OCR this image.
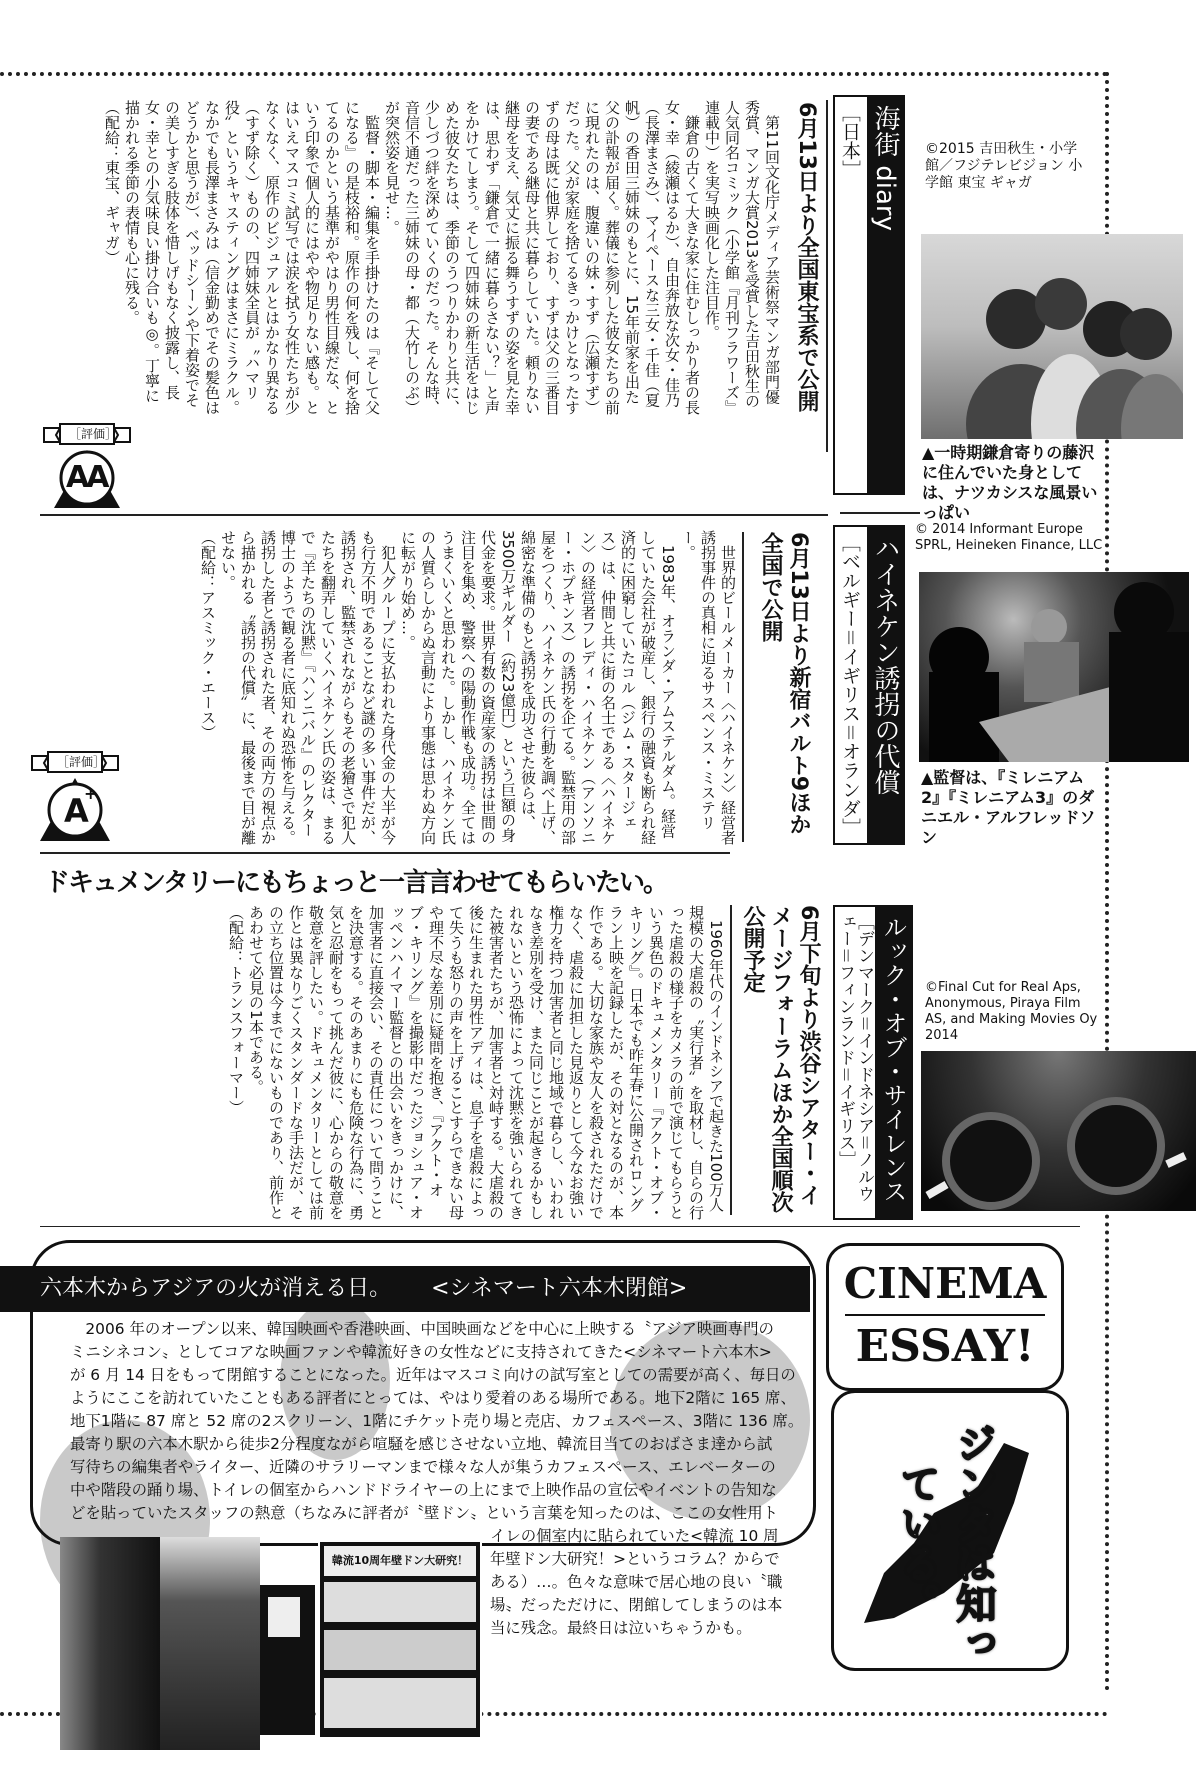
第11回文化庁メディア芸術祭マンガ部門優秀賞、マンガ大賞2013を受賞した吉田秋生の人気同名コミック（小学館『月刊フラワーズ』連載中）を実写映画化した注目作。

鎌倉の古くて大きな家に住むしっかり者の長女・幸（綾瀬はるか）、自由奔放な次女・佳乃（長澤まさみ）、マイペースな三女・千佳（夏帆）の香田三姉妹のもとに、15年前家を出た父の訃報が届く。葬儀に参列した彼女たちの前に現れたのは、腹違いの妹・すず（広瀬すず）だった。父が家庭を捨てるきっかけとなったすずの母は既に他界しており、すずは父の三番目の妻である継母と共に暮らしていた。頼りない継母を支え、気丈に振る舞うすずの姿を見た幸は、思わず「鎌倉で一緒に暮らさない？」と声をかけてしまう。そして四姉妹の新生活をはじめた彼女たちは、季節のうつりかわりと共に、少しづつ絆を深めていくのだった。そんな時、音信不通だった三姉妹の母・都（大竹しのぶ）が突然姿を見せ…。

監督・脚本・編集を手掛けたのは『そして父になる』の是枝裕和。原作の何を残し、何を捨てるのかという基準がやはり男性目線だな、という印象で個人的にはやや物足りない感も。とはいえマスコミ試写では涙を拭う女性たちが少なくなく、原作のビジュアルとはかなり異なる（すず除く）ものの、四姉妹全員が〝ハマリ役〟というキャスティングはまさにミラクル。なかでも長澤まさみは（信金勤めでその髪色はどうかと思うが）、ベッドシーンや下着姿でその美しすぎる肢体を惜しげもなく披露し、長女・幸との小気味良い掛け合いも◎。丁寧に描かれる季節の表情も心に残る。

（配給：東宝、ギャガ）	6月13日より全国東宝系で公開	［日本］ 海街 diary	©2015 吉田秋生・小学館／フジテレビジョン 小学館 東宝 ギャガ
▲一時期鎌倉寄りの藤沢に住んでいた身としては、ナツカシスな風景いっぱい
［評価］
AA

世界的ビールメーカー〈ハイネケン〉経営者誘拐事件の真相に迫るサスペンス・ミステリー。

1983年、オランダ・アムステルダム。経営していた会社が破産し、銀行の融資も断られ経済的に困窮していたコル（ジム・スタージェス）は、仲間と共に街の名士である〈ハイネケン〉の経営者フレディ・ハイネケン（アンソニー・ホプキンス）の誘拐を企てる。監禁用の部屋をつくり、ハイネケン氏の行動を調べ上げ、綿密な準備のもと誘拐を成功させた彼らは、3500万ギルダー（約23億円）という巨額の身代金を要求。世界有数の資産家の誘拐は世間の注目を集め、警察への陽動作戦も成功。全てはうまくいくと思われた。しかし、ハイネケン氏の人質らしからぬ言動により事態は思わぬ方向に転がり始め…。

犯人グループに支払われた身代金の大半が今も行方不明であることなど謎の多い事件だが、誘拐され、監禁されながらもその老獪さで犯人たちを翻弄していくハイネケン氏の姿は、まるで『羊たちの沈黙』『ハンニバル』のレクター博士のようで観る者に底知れぬ恐怖を与える。誘拐した者と誘拐された者、その両方の視点から描かれる〝誘拐の代償〟に、最後まで目が離せない。

（配給：アスミック・エース）	6月13日より新宿バルト9ほか
全国で公開	［ベルギー＝イギリス＝オランダ］ ハイネケン誘拐の代償
© 2014 Informant Europe SPRL, Heineken Finance, LLC
▲監督は、『ミレニアム2』『ミレニアム3』のダニエル・アルフレッドソン
［評価］
A
+
ドキュメンタリーにもちょっと一言言わせてもらいたい。

1960年代のインドネシアで起きた100万人規模の大虐殺の〝実行者〟を取材し、自らの行った虐殺の様子をカメラの前で演じてもらうという異色のドキュメンタリー『アクト・オブ・キリング』。日本でも昨年春に公開されロングラン上映を記録したが、その対となるのが、本作である。大切な家族や友人を殺されただけでなく、虐殺に加担した見返りとして今なお強い権力を持つ加害者と同じ地域で暮らし、いわれなき差別を受け、また同じことが起きるかもしれないという恐怖によって沈黙を強いられてきた被害者たちが、加害者と対峙する。大虐殺の後に生まれた男性アディは、息子を虐殺によって失うも怒りの声を上げることすらできない母や理不尽な差別に疑問を抱き、『アクト・オブ・キリング』を撮影中だったジョシュア・オッペンハイマー監督との出会いをきっかけに、加害者に直接会い、その責任について問うことを決意する。そのあまりにも危険な行為に、勇気と忍耐をもって挑んだ彼に、心からの敬意を敬意を評したい。ドキュメンタリーとしては前作とは異なりごくスタンダードな手法だが、その立ち位置は今までにないものであり、前作とあわせて必見の1本である。

（配給：トランスフォーマー）	6月下旬より渋谷シアター・イ
メージフォーラムほか全国順次
公開予定	［デンマーク＝インドネシア＝ノルウェー＝フィンランド＝イギリス］	ルック・オブ・サイレンス	©Final Cut for Real Aps, Anonymous, Piraya Film AS, and Making Movies Oy 2014
六本木からアジアの火が消える日。 <シネマート六本木閉館>
　2006 年のオープン以来、韓国映画や香港映画、中国映画などを中心に上映する〝アジア映画専門の
ミニシネコン〟としてコアな映画ファンや韓流好きの女性などに支持されてきた<シネマート六本木>
が 6 月 14 日をもって閉館することになった。近年はマスコミ向けの試写室としての需要が高く、毎日の
ようにここを訪れていたこともある評者にとっては、やはり愛着のある場所である。地下2階に 165 席、
地下1階に 87 席と 52 席の2スクリーン、1階にチケット売り場と売店、カフェスペース、3階に 136 席。
最寄り駅の六本木駅から徒歩2分程度ながら喧騒を感じさせない立地、韓流目当てのおばさま達から試
写待ちの編集者やライター、近隣のサラリーマンまで様々な人が集うカフェスペース、エレベーターの
中や階段の踊り場、トイレの個室からハンドドライヤーの上にまで上映作品の宣伝やイベントの告知な
どを貼っていたスタッフの熱意（ちなみに評者が〝壁ドン〟という言葉を知ったのは、ここの女性用ト
イレの個室内に貼られていた<韓流 10 周
年壁ドン大研究！>というコラム？からで
ある）…。色々な意味で居心地の良い〝職
場〟だっただけに、閉館してしまうのは本
当に残念。最終日は泣いちゃうかも。
韓流10周年壁ドン大研究！
CINEMA
ESSAY!
ジンタは知っている。
